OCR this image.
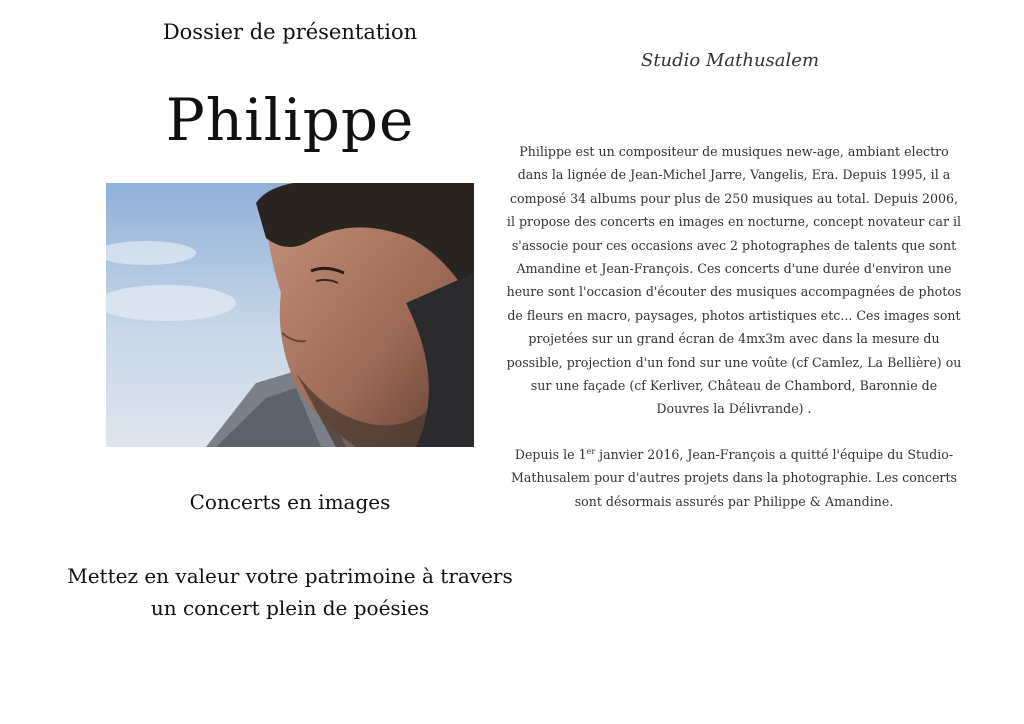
Dossier de présentation
Philippe
Studio Mathusalem

Philippe est un compositeur de musiques new-age, ambiant electro dans la lignée de Jean-Michel Jarre, Vangelis, Era. Depuis 1995, il a composé 34 albums pour plus de 250 musiques au total. Depuis 2006, il propose des concerts en images en nocturne, concept novateur car il s'associe pour ces occasions avec 2 photographes de talents que sont Amandine et Jean-François. Ces concerts d'une durée d'environ une heure sont l'occasion d'écouter des musiques accompagnées de photos de fleurs en macro, paysages, photos artistiques etc... Ces images sont projetées sur un grand écran de 4mx3m avec dans la mesure du possible, projection d'un fond sur une voûte (cf Camlez, La Bellière) ou sur une façade (cf Kerliver, Château de Chambord, Baronnie de Douvres la Délivrande) .

Depuis le 1er janvier 2016, Jean-François a quitté l'équipe du Studio-Mathusalem pour d'autres projets dans la photographie. Les concerts sont désormais assurés par Philippe & Amandine.

Concerts en images
Mettez en valeur votre patrimoine à travers un concert plein de poésies
